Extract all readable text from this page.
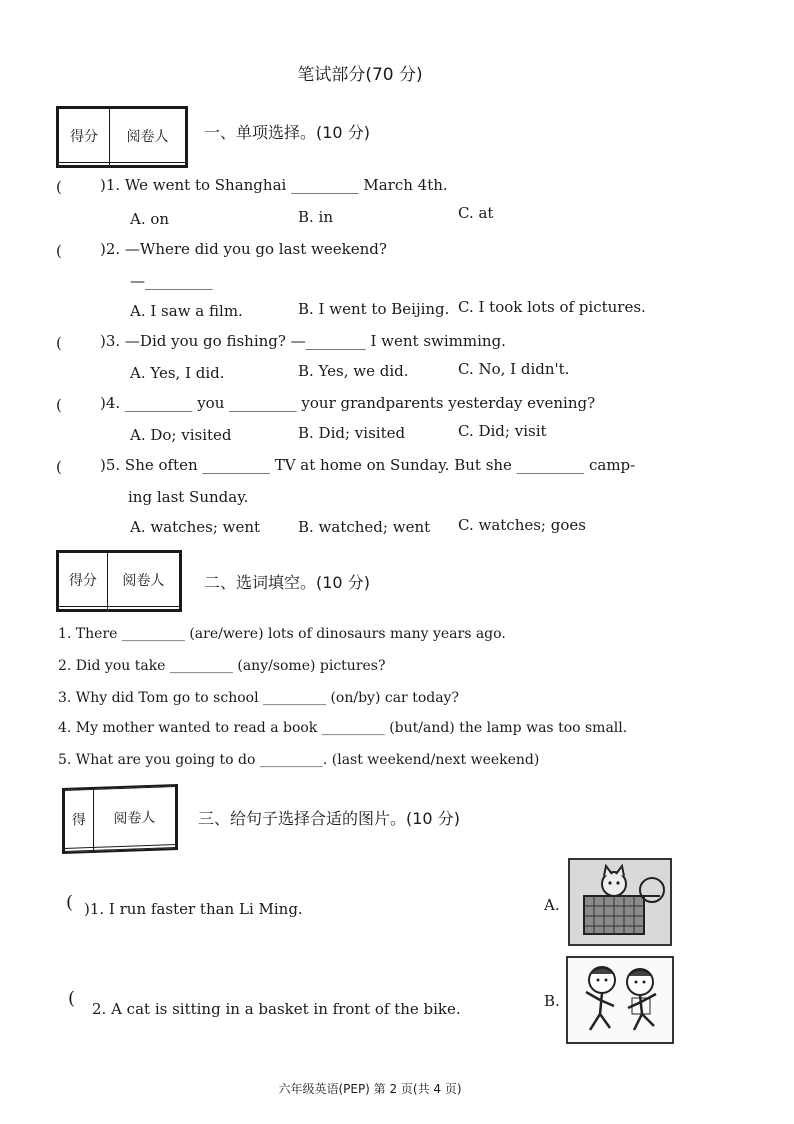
笔试部分(70 分)
得分	阅卷人
	一、单项选择。(10 分)
(	)1. We went to Shanghai _________ March 4th.
A. on	B. in	C. at
(	)2. —Where did you go last weekend?
—_________
A. I saw a film.	B. I went to Beijing. C. I took lots of pictures.
(	)3. —Did you go fishing? —________ I went swimming.
A. Yes, I did.	B. Yes, we did.	C. No, I didn't.
(	)4. _________ you _________ your grandparents yesterday evening?
A. Do; visited	B. Did; visited	C. Did; visit
(	)5. She often _________ TV at home on Sunday. But she _________ camp-
ing last Sunday.
A. watches; went	B. watched; went C. watches; goes
得分	阅卷人
	二、选词填空。(10 分)
1. There _________ (are/were) lots of dinosaurs many years ago.
2. Did you take _________ (any/some) pictures?
3. Why did Tom go to school _________ (on/by) car today?
4. My mother wanted to read a book _________ (but/and) the lamp was too small.
5. What are you going to do _________. (last weekend/next weekend)
得	阅卷人
		三、给句子选择合适的图片。(10 分)
( )1. I run faster than Li Ming.
( 2. A cat is sitting in a basket in front of the bike.
A.
B.
六年级英语(PEP) 第 2 页(共 4 页)
